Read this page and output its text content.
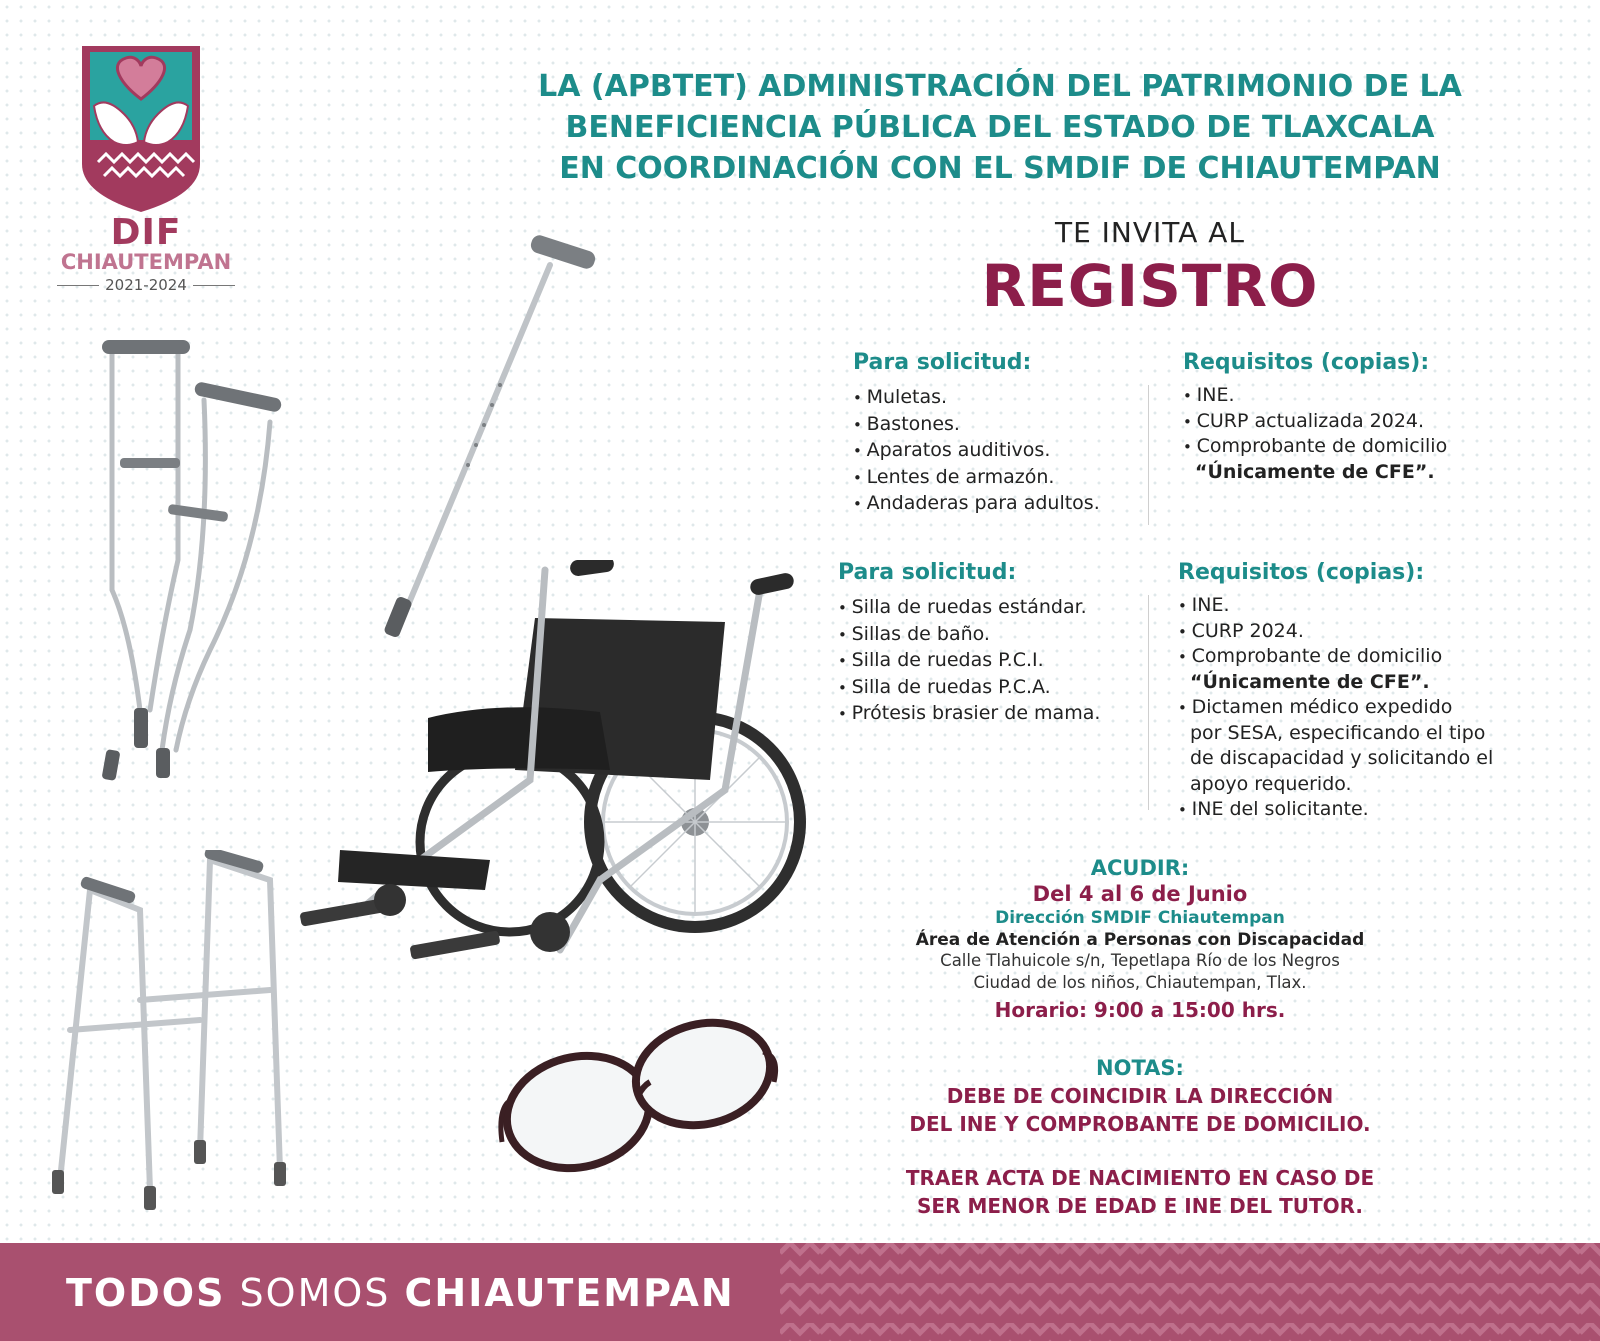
DIF
CHIAUTEMPAN
2021-2024
LA (APBTET) ADMINISTRACIÓN DEL PATRIMONIO DE LA
BENEFICIENCIA PÚBLICA DEL ESTADO DE TLAXCALA
EN COORDINACIÓN CON EL SMDIF DE CHIAUTEMPAN
TE INVITA AL
REGISTRO
Para solicitud:
• Muletas.
• Bastones.
• Aparatos auditivos.
• Lentes de armazón.
• Andaderas para adultos.
Requisitos (copias):
• INE.
• CURP actualizada 2024.
• Comprobante de domicilio
“Únicamente de CFE”.
Para solicitud:
• Silla de ruedas estándar.
• Sillas de baño.
• Silla de ruedas P.C.I.
• Silla de ruedas P.C.A.
• Prótesis brasier de mama.
Requisitos (copias):
• INE.
• CURP 2024.
• Comprobante de domicilio
“Únicamente de CFE”.
• Dictamen médico expedido
por SESA, especificando el tipo
de discapacidad y solicitando el
apoyo requerido.
• INE del solicitante.
ACUDIR:
Del 4 al 6 de Junio
Dirección SMDIF Chiautempan
Área de Atención a Personas con Discapacidad
Calle Tlahuicole s/n, Tepetlapa Río de los Negros
Ciudad de los niños, Chiautempan, Tlax.
Horario: 9:00 a 15:00 hrs.
NOTAS:
DEBE DE COINCIDIR LA DIRECCIÓN
DEL INE Y COMPROBANTE DE DOMICILIO.
TRAER ACTA DE NACIMIENTO EN CASO DE
SER MENOR DE EDAD E INE DEL TUTOR.
TODOS SOMOS CHIAUTEMPAN
